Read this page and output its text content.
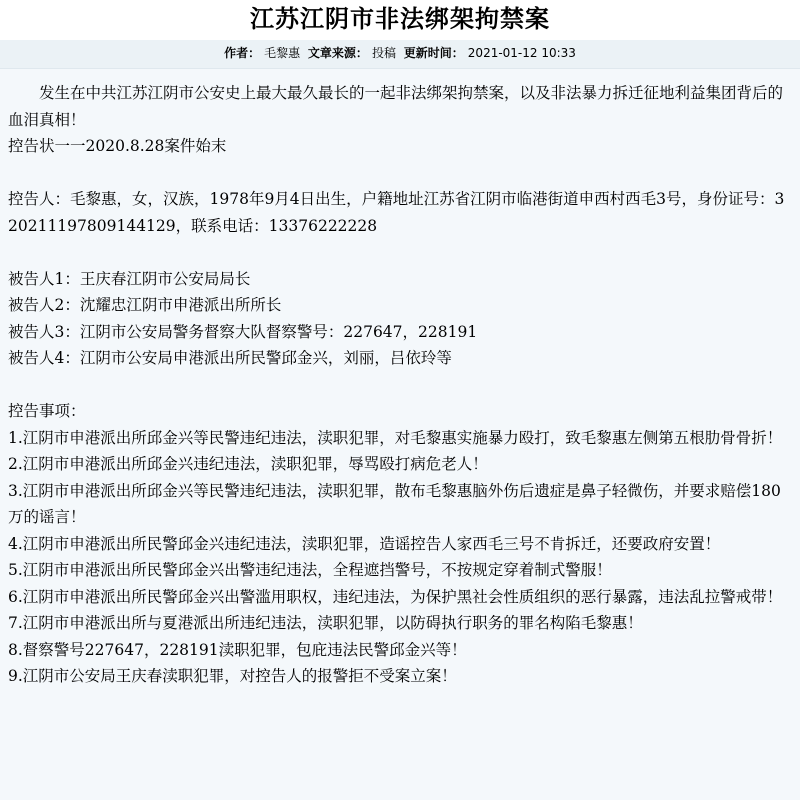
江苏江阴市非法绑架拘禁案
作者： 毛黎惠 文章来源： 投稿 更新时间： 2021-01-12 10:33

发生在中共江苏江阴市公安史上最大最久最长的一起非法绑架拘禁案，以及非法暴力拆迁征地利益集团背后的血泪真相！

控告状一一2020.8.28案件始末

控告人：毛黎惠，女，汉族，1978年9月4日出生，户籍地址江苏省江阴市临港街道申西村西毛3号，身份证号：320211197809144129，联系电话：13376222228

被告人1：王庆春江阴市公安局局长

被告人2：沈耀忠江阴市申港派出所所长

被告人3：江阴市公安局警务督察大队督察警号：227647，228191

被告人4：江阴市公安局申港派出所民警邱金兴，刘丽，吕依玲等

控告事项：

1.江阴市申港派出所邱金兴等民警违纪违法，渎职犯罪，对毛黎惠实施暴力殴打，致毛黎惠左侧第五根肋骨骨折！

2.江阴市申港派出所邱金兴违纪违法，渎职犯罪，辱骂殴打病危老人！

3.江阴市申港派出所邱金兴等民警违纪违法，渎职犯罪，散布毛黎惠脑外伤后遗症是鼻子轻微伤，并要求赔偿180万的谣言！

4.江阴市申港派出所民警邱金兴违纪违法，渎职犯罪，造谣控告人家西毛三号不肯拆迁，还要政府安置！

5.江阴市申港派出所民警邱金兴出警违纪违法，全程遮挡警号，不按规定穿着制式警服！

6.江阴市申港派出所民警邱金兴出警滥用职权，违纪违法，为保护黑社会性质组织的恶行暴露，违法乱拉警戒带！

7.江阴市申港派出所与夏港派出所违纪违法，渎职犯罪，以防碍执行职务的罪名构陷毛黎惠！

8.督察警号227647，228191渎职犯罪，包庇违法民警邱金兴等！

9.江阴市公安局王庆春渎职犯罪，对控告人的报警拒不受案立案！
